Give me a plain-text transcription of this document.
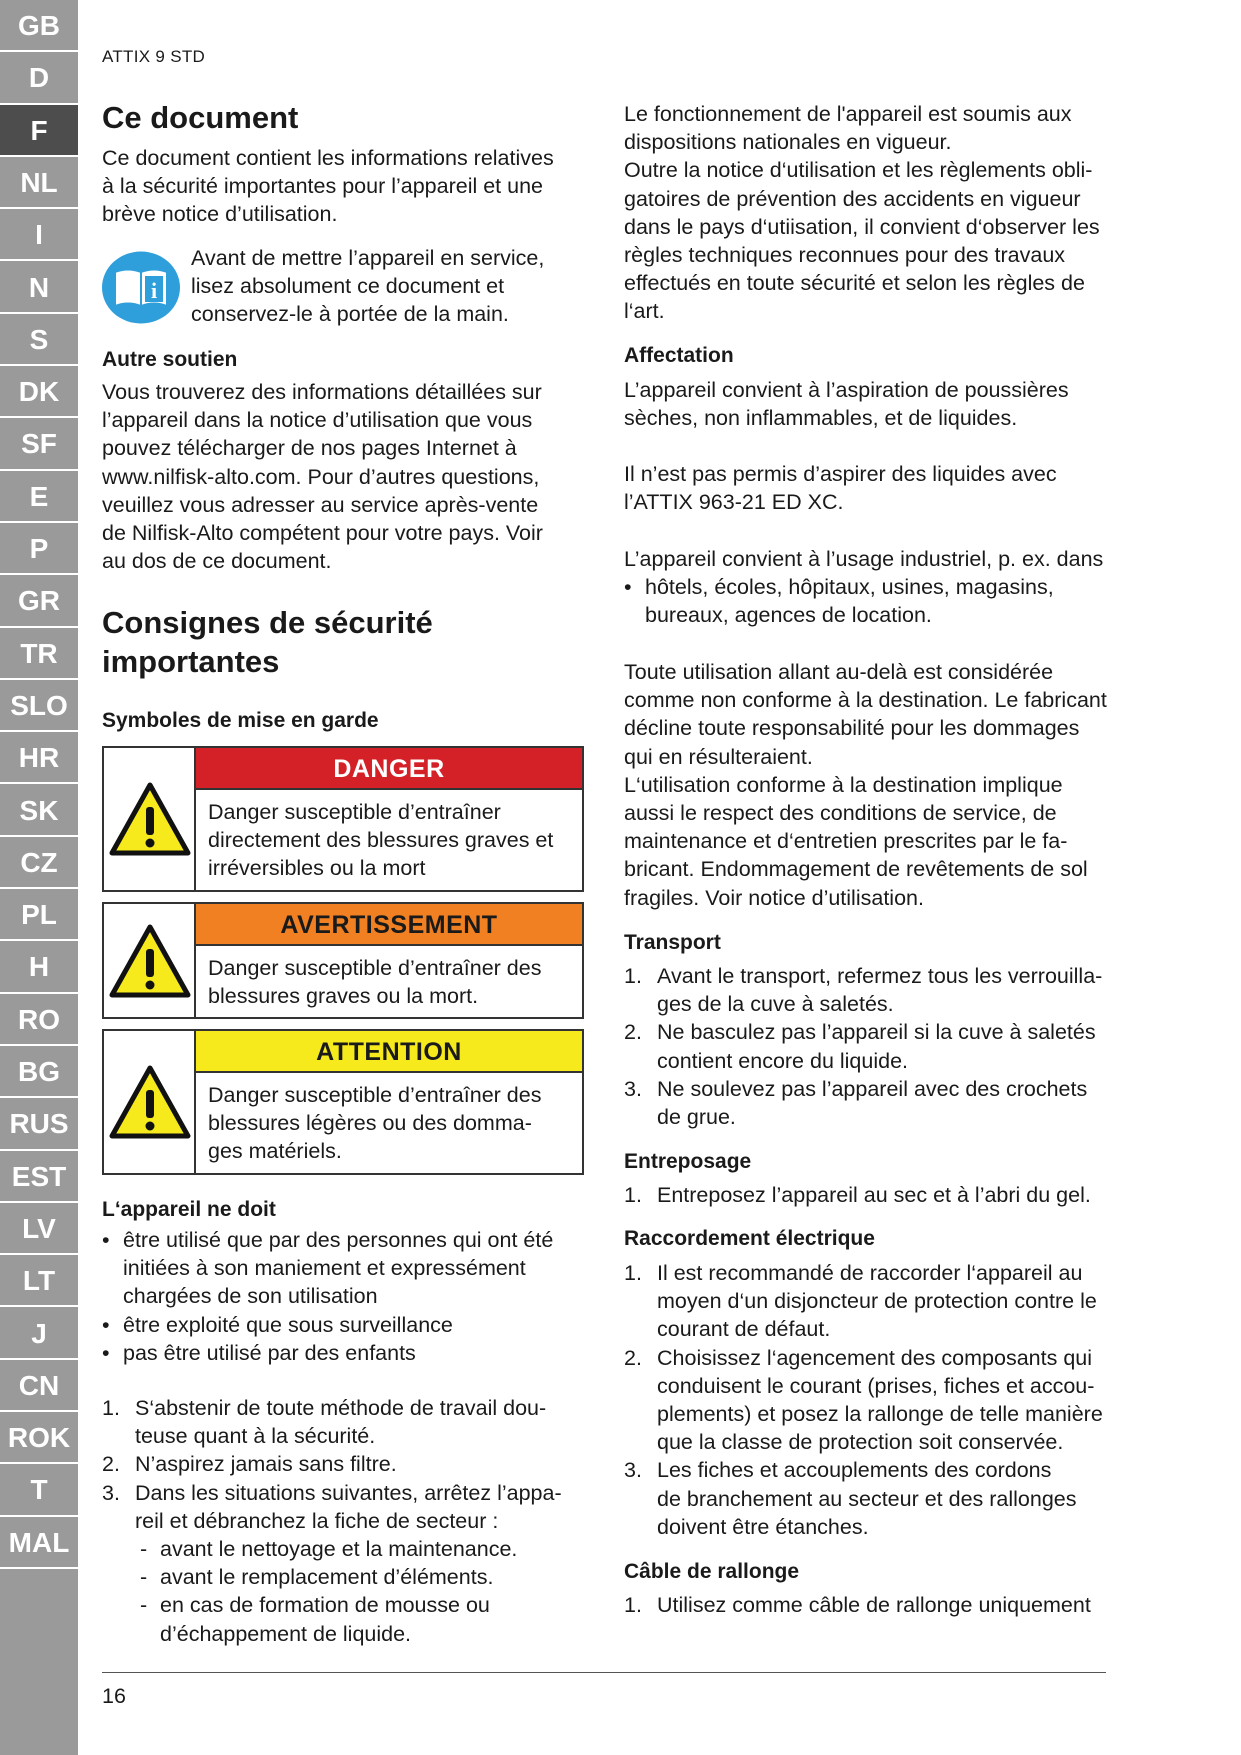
GB
D
F
NL
I
N
S
DK
SF
E
P
GR
TR
SLO
HR
SK
CZ
PL
H
RO
BG
RUS
EST
LV
LT
J
CN
ROK
T
MAL
ATTIX 9 STD
Ce document
Ce document contient les informations relatives
à la sécurité importantes pour l’appareil et une
brève notice d’utilisation.
i
Avant de mettre l’appareil en service,
lisez absolument ce document et
conservez-le à portée de la main.
Autre soutien
Vous trouverez des informations détaillées sur
l’appareil dans la notice d’utilisation que vous
pouvez télécharger de nos pages Internet à
www.nilfisk-alto.com. Pour d’autres questions,
veuillez vous adresser au service après-vente
de Nilfisk-Alto compétent pour votre pays. Voir
au dos de ce document.
Consignes de sécurité
importantes
Symboles de mise en garde
DANGER
Danger susceptible d’entraîner
directement des blessures graves et
irréversibles ou la mort
AVERTISSEMENT
Danger susceptible d’entraîner des
blessures graves ou la mort.
ATTENTION
Danger susceptible d’entraîner des
blessures légères ou des domma-
ges matériels.
L‘appareil ne doit
• être utilisé que par des personnes qui ont été
initiées à son maniement et expressément
chargées de son utilisation
• être exploité que sous surveillance
• pas être utilisé par des enfants
1. S‘abstenir de toute méthode de travail dou-
teuse quant à la sécurité.
2. N’aspirez jamais sans filtre.
3. Dans les situations suivantes, arrêtez l’appa-
reil et débranchez la fiche de secteur :
- avant le nettoyage et la maintenance.
- avant le remplacement d’éléments.
- en cas de formation de mousse ou
d’échappement de liquide.
Le fonctionnement de l'appareil est soumis aux
dispositions nationales en vigueur.
Outre la notice d‘utilisation et les règlements obli-
gatoires de prévention des accidents en vigueur
dans le pays d‘utiisation, il convient d‘observer les
règles techniques reconnues pour des travaux
effectués en toute sécurité et selon les règles de
l‘art.
Affectation
L’appareil convient à l’aspiration de poussières
sèches, non inflammables, et de liquides.
Il n’est pas permis d’aspirer des liquides avec
l’ATTIX 963-21 ED XC.
L’appareil convient à l’usage industriel, p. ex. dans
• hôtels, écoles, hôpitaux, usines, magasins,
bureaux, agences de location.
Toute utilisation allant au-delà est considérée
comme non conforme à la destination. Le fabricant
décline toute responsabilité pour les dommages
qui en résulteraient.
L‘utilisation conforme à la destination implique
aussi le respect des conditions de service, de
maintenance et d‘entretien prescrites par le fa-
bricant. Endommagement de revêtements de sol
fragiles. Voir notice d’utilisation.
Transport
1. Avant le transport, refermez tous les verrouilla-
ges de la cuve à saletés.
2. Ne basculez pas l’appareil si la cuve à saletés
contient encore du liquide.
3. Ne soulevez pas l’appareil avec des crochets
de grue.
Entreposage
1. Entreposez l’appareil au sec et à l’abri du gel.
Raccordement électrique
1. Il est recommandé de raccorder l‘appareil au
moyen d‘un disjoncteur de protection contre le
courant de défaut.
2. Choisissez l‘agencement des composants qui
conduisent le courant (prises, fiches et accou-
plements) et posez la rallonge de telle manière
que la classe de protection soit conservée.
3. Les fiches et accouplements des cordons
de branchement au secteur et des rallonges
doivent être étanches.
Câble de rallonge
1. Utilisez comme câble de rallonge uniquement
16
